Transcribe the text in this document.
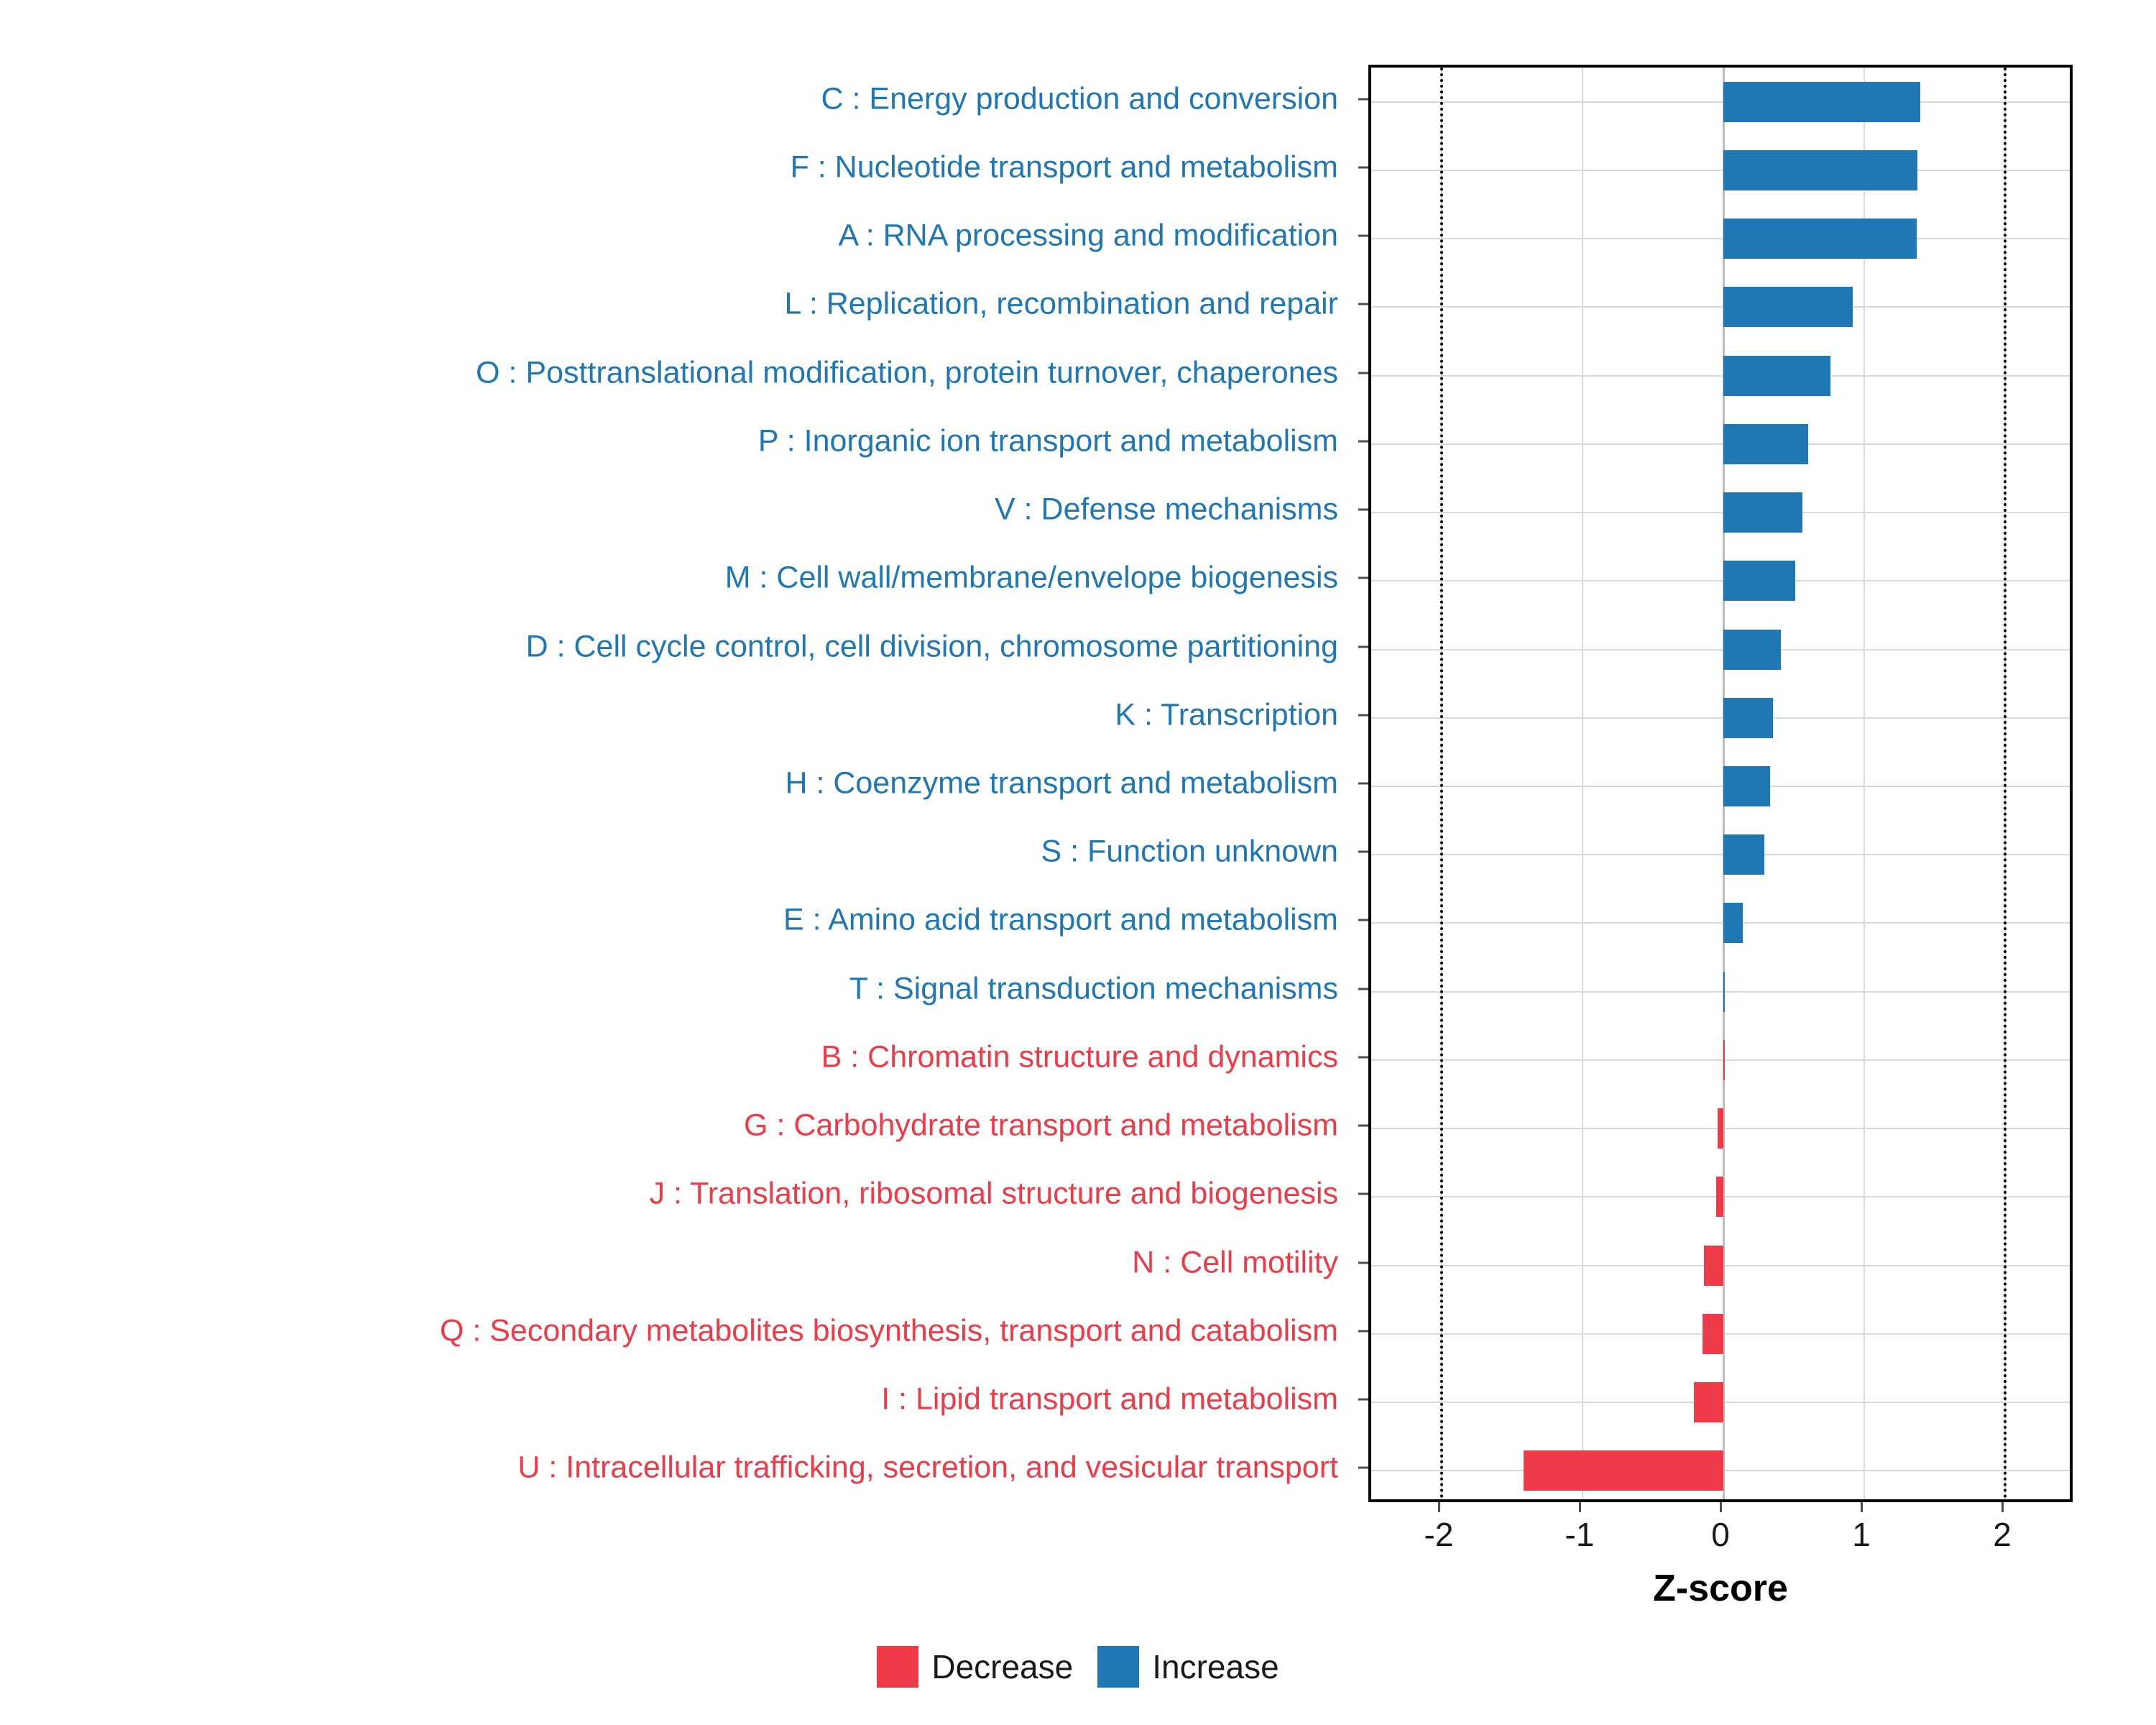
C : Energy production and conversion
F : Nucleotide transport and metabolism
A : RNA processing and modification
L : Replication, recombination and repair
O : Posttranslational modification, protein turnover, chaperones
P : Inorganic ion transport and metabolism
V : Defense mechanisms
M : Cell wall/membrane/envelope biogenesis
D : Cell cycle control, cell division, chromosome partitioning
K : Transcription
H : Coenzyme transport and metabolism
S : Function unknown
E : Amino acid transport and metabolism
T : Signal transduction mechanisms
B : Chromatin structure and dynamics
G : Carbohydrate transport and metabolism
J : Translation, ribosomal structure and biogenesis
N : Cell motility
Q : Secondary metabolites biosynthesis, transport and catabolism
I : Lipid transport and metabolism
U : Intracellular trafficking, secretion, and vesicular transport
Z-score
Decrease Increase
-2	-1	0	1	2
